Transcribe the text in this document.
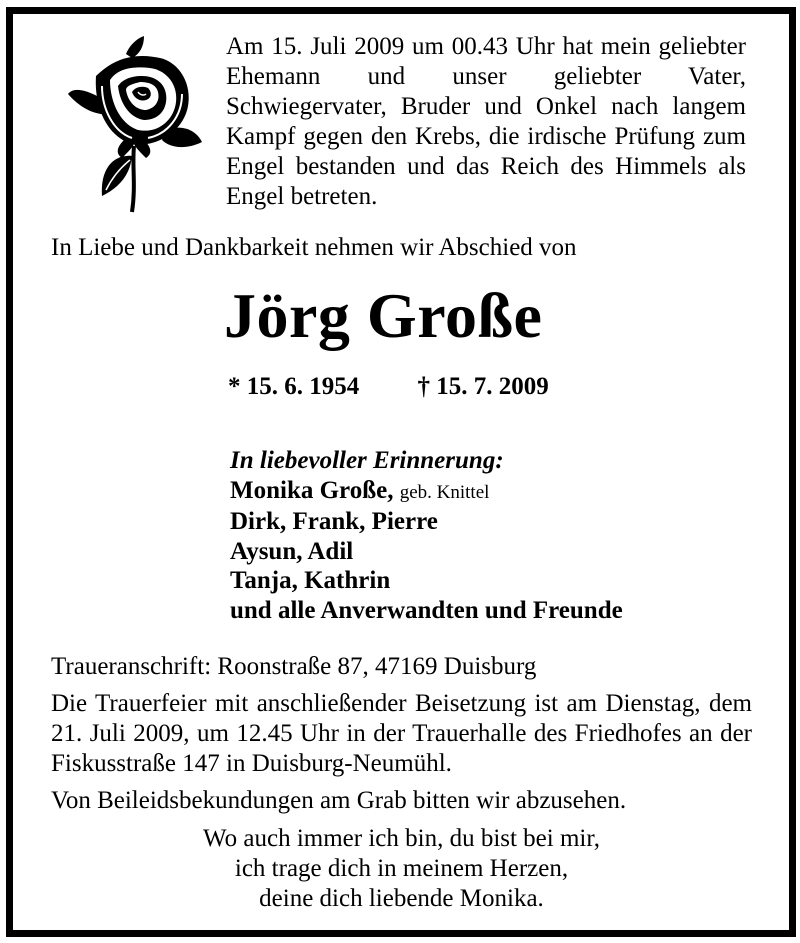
Am 15. Juli 2009 um 00.43 Uhr hat mein geliebter Ehemann und unser geliebter Vater, Schwiegervater, Bruder und Onkel nach langem Kampf gegen den Krebs, die irdische Prüfung zum Engel bestanden und das Reich des Himmels als Engel betreten.
In Liebe und Dankbarkeit nehmen wir Abschied von
Jörg Große
* 15. 6. 1954 † 15. 7. 2009
In liebevoller Erinnerung:
Monika Große, geb. Knittel
Dirk, Frank, Pierre
Aysun, Adil
Tanja, Kathrin
und alle Anverwandten und Freunde
Traueranschrift: Roonstraße 87, 47169 Duisburg
Die Trauerfeier mit anschließender Beisetzung ist am Dienstag, dem 21. Juli 2009, um 12.45 Uhr in der Trauerhalle des Friedhofes an der Fiskusstraße 147 in Duisburg-Neumühl.
Von Beileidsbekundungen am Grab bitten wir abzusehen.
Wo auch immer ich bin, du bist bei mir,
ich trage dich in meinem Herzen,
deine dich liebende Monika.
